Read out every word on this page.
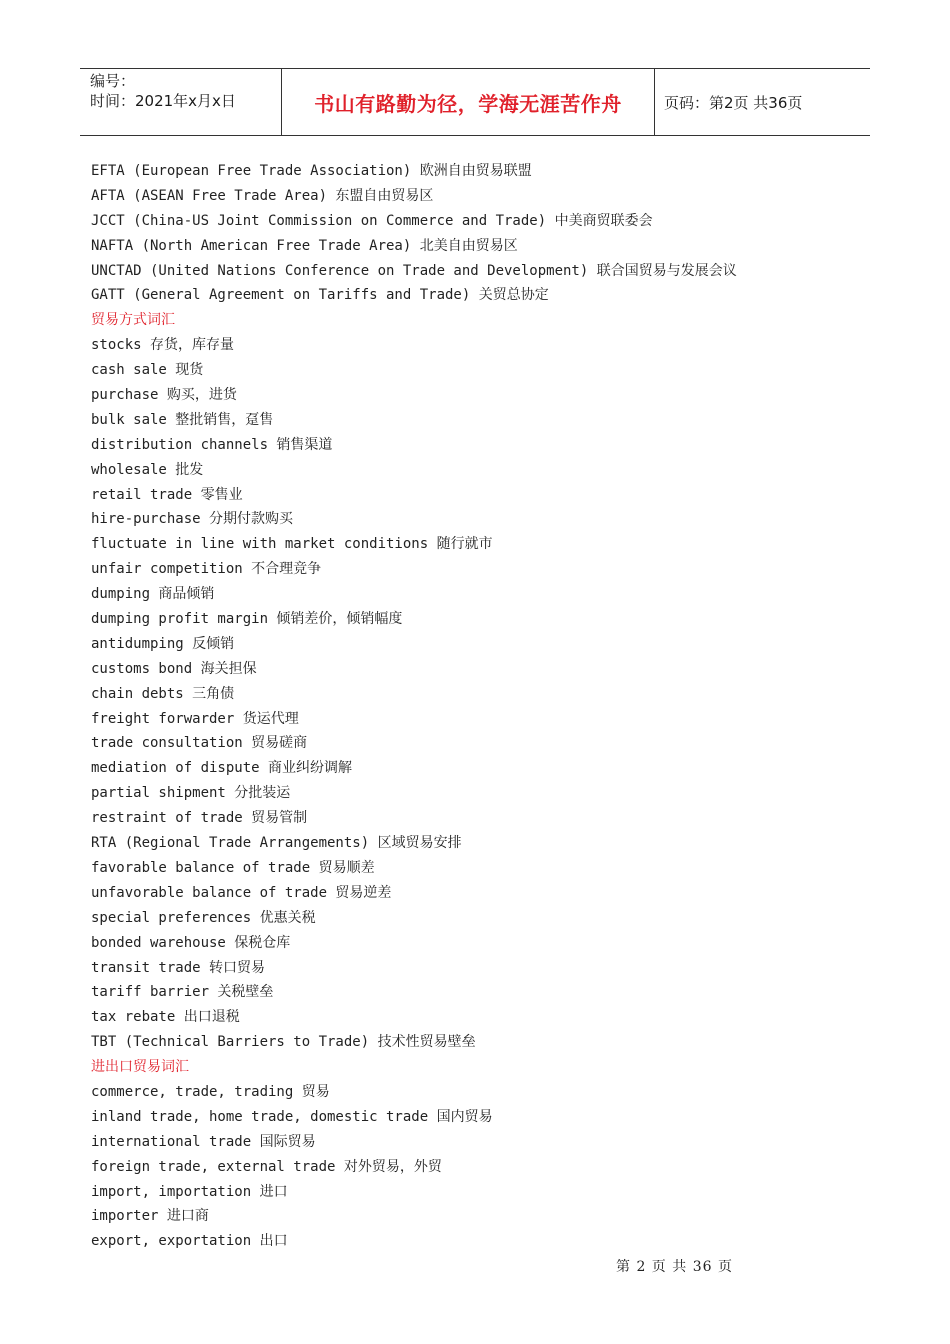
编号：
时间：2021年x月x日	书山有路勤为径，学海无涯苦作舟	页码：第2页 共36页
EFTA (European Free Trade Association) 欧洲自由贸易联盟
AFTA (ASEAN Free Trade Area) 东盟自由贸易区
JCCT (China-US Joint Commission on Commerce and Trade) 中美商贸联委会
NAFTA (North American Free Trade Area) 北美自由贸易区
UNCTAD (United Nations Conference on Trade and Development) 联合国贸易与发展会议
GATT (General Agreement on Tariffs and Trade) 关贸总协定
贸易方式词汇
stocks 存货，库存量
cash sale 现货
purchase 购买，进货
bulk sale 整批销售，趸售
distribution channels 销售渠道
wholesale 批发
retail trade 零售业
hire-purchase 分期付款购买
fluctuate in line with market conditions 随行就市
unfair competition 不合理竞争
dumping 商品倾销
dumping profit margin 倾销差价，倾销幅度
antidumping 反倾销
customs bond 海关担保
chain debts 三角债
freight forwarder 货运代理
trade consultation 贸易磋商
mediation of dispute 商业纠纷调解
partial shipment 分批装运
restraint of trade 贸易管制
RTA (Regional Trade Arrangements) 区域贸易安排
favorable balance of trade 贸易顺差
unfavorable balance of trade 贸易逆差
special preferences 优惠关税
bonded warehouse 保税仓库
transit trade 转口贸易
tariff barrier 关税壁垒
tax rebate 出口退税
TBT (Technical Barriers to Trade) 技术性贸易壁垒
进出口贸易词汇
commerce, trade, trading 贸易
inland trade, home trade, domestic trade 国内贸易
international trade 国际贸易
foreign trade, external trade 对外贸易，外贸
import, importation 进口
importer 进口商
export, exportation 出口
第 2 页 共 36 页
